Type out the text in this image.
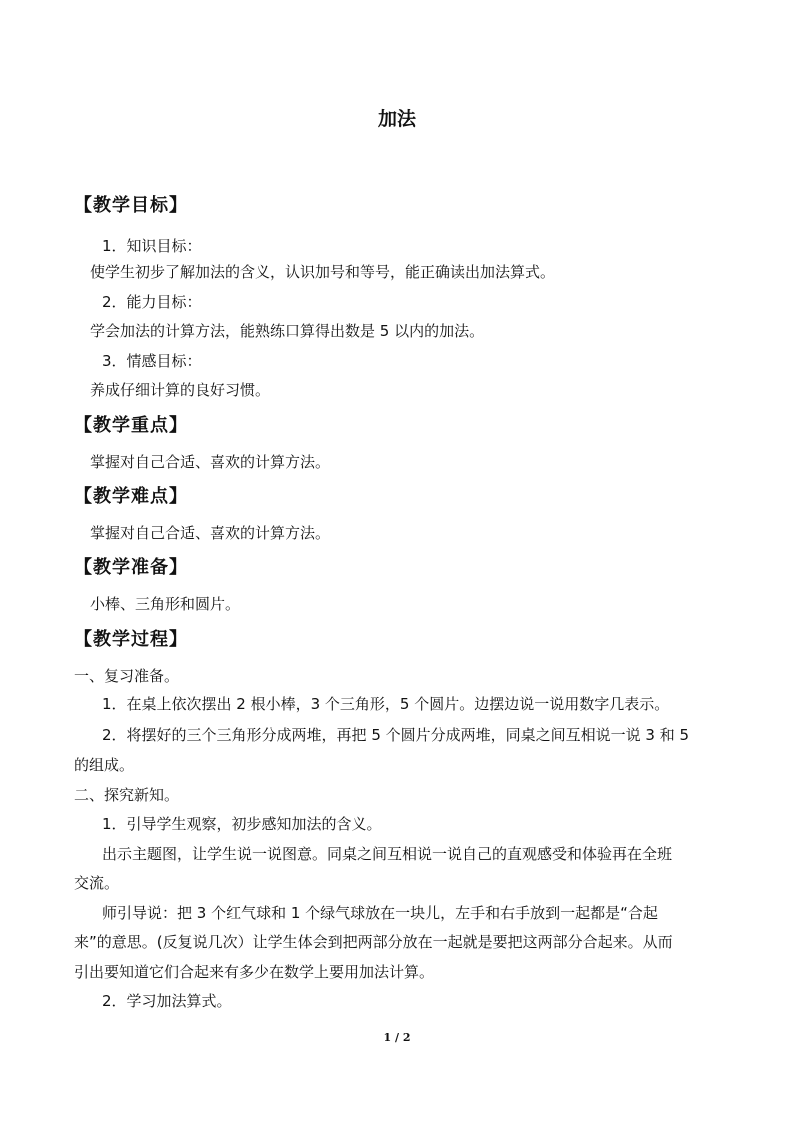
加法
【教学目标】
1．知识目标：
使学生初步了解加法的含义，认识加号和等号，能正确读出加法算式。
2．能力目标：
学会加法的计算方法，能熟练口算得出数是 5 以内的加法。
3．情感目标：
养成仔细计算的良好习惯。
【教学重点】
掌握对自己合适、喜欢的计算方法。
【教学难点】
掌握对自己合适、喜欢的计算方法。
【教学准备】
小棒、三角形和圆片。
【教学过程】
一、复习准备。
1．在桌上依次摆出 2 根小棒，3 个三角形，5 个圆片。边摆边说一说用数字几表示。
2．将摆好的三个三角形分成两堆，再把 5 个圆片分成两堆，同桌之间互相说一说 3 和 5
的组成。
二、探究新知。
1．引导学生观察，初步感知加法的含义。
出示主题图，让学生说一说图意。同桌之间互相说一说自己的直观感受和体验再在全班
交流。
师引导说：把 3 个红气球和 1 个绿气球放在一块儿，左手和右手放到一起都是“合起
来”的意思。(反复说几次）让学生体会到把两部分放在一起就是要把这两部分合起来。从而
引出要知道它们合起来有多少在数学上要用加法计算。
2．学习加法算式。
1 / 2
